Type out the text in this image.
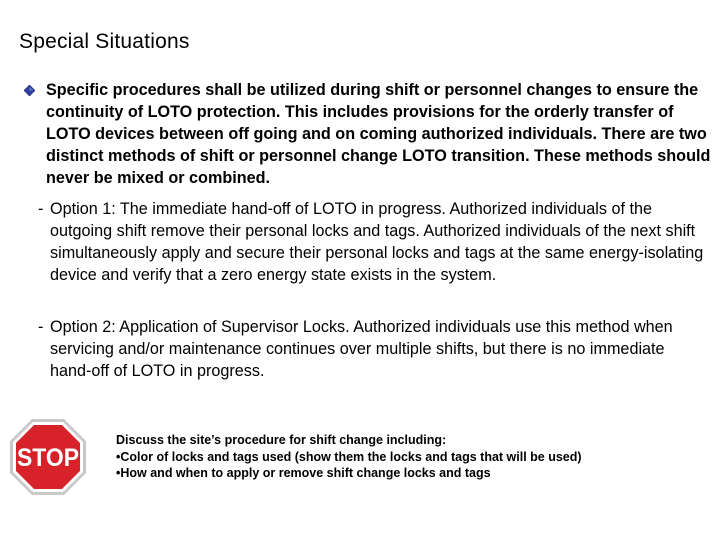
Special Situations
Specific procedures shall be utilized during shift or personnel changes to ensure the continuity of LOTO protection. This includes provisions for the orderly transfer of LOTO devices between off going and on coming authorized individuals. There are two distinct methods of shift or personnel change LOTO transition. These methods should never be mixed or combined.
- Option 1: The immediate hand-off of LOTO in progress. Authorized individuals of the outgoing shift remove their personal locks and tags. Authorized individuals of the next shift simultaneously apply and secure their personal locks and tags at the same energy-isolating device and verify that a zero energy state exists in the system.
- Option 2: Application of Supervisor Locks. Authorized individuals use this method when servicing and/or maintenance continues over multiple shifts, but there is no immediate hand-off of LOTO in progress.
STOP
Discuss the site’s procedure for shift change including:
•Color of locks and tags used (show them the locks and tags that will be used)
•How and when to apply or remove shift change locks and tags
